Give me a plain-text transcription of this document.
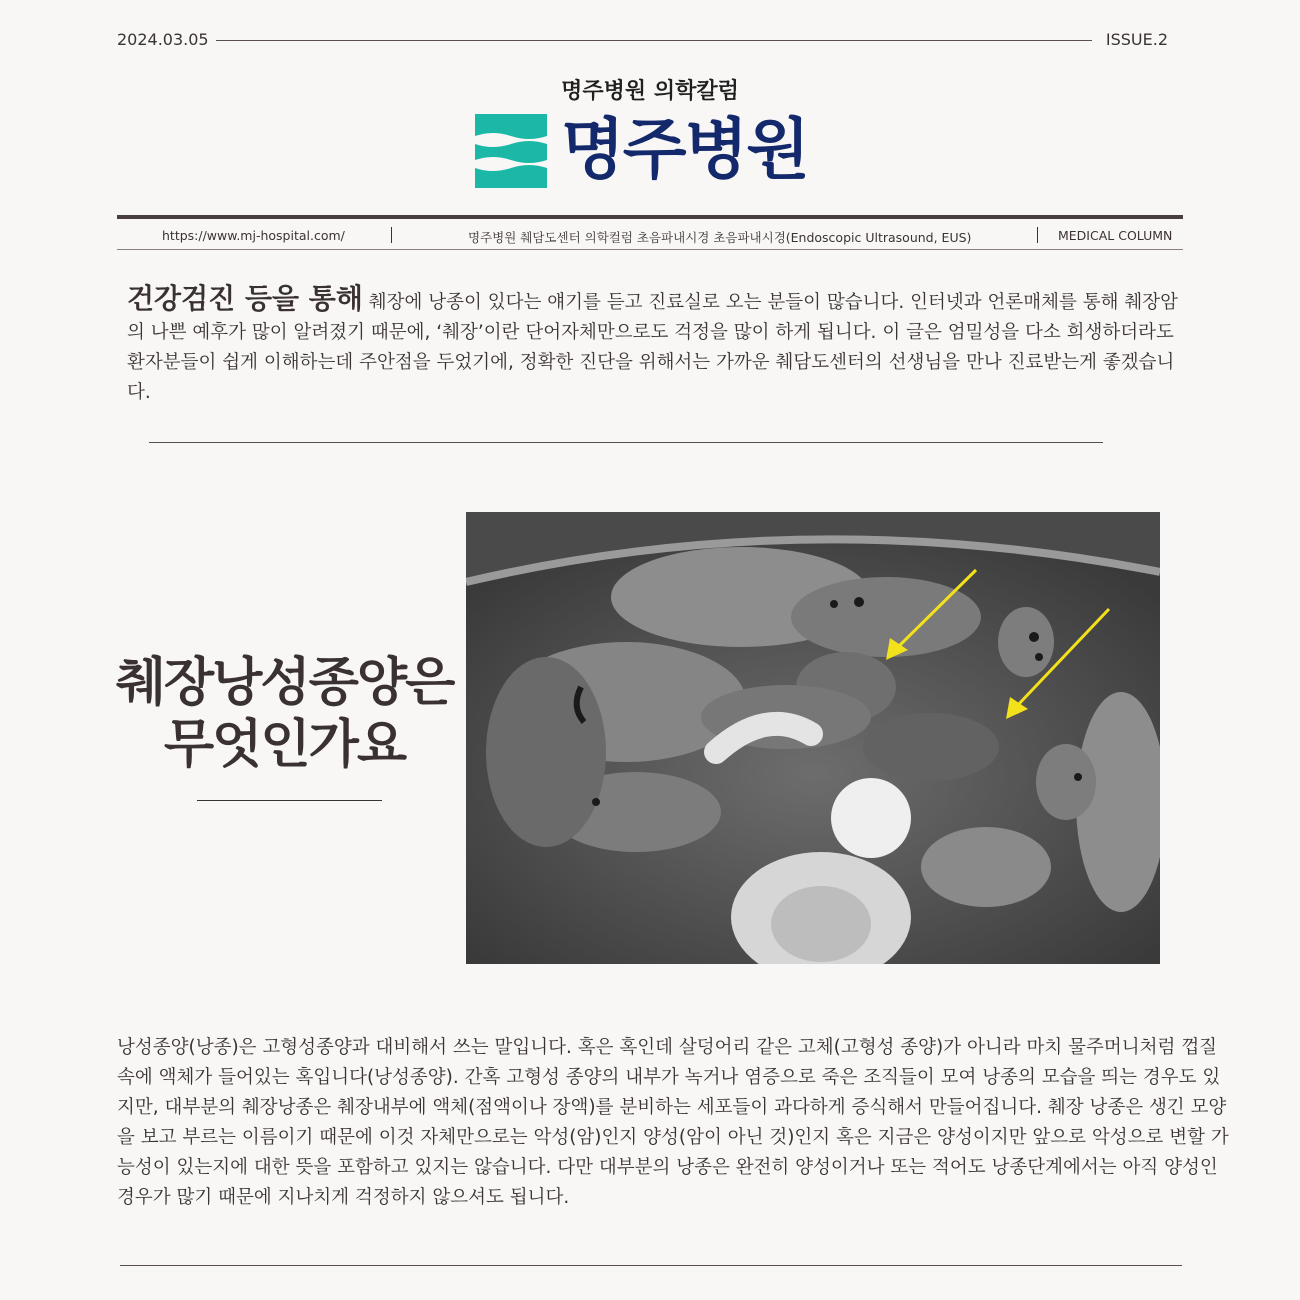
2024.03.05	ISSUE.2
명주병원 의학칼럼
명주병원
https://www.mj-hospital.com/	명주병원 췌담도센터 의학컬럼 초음파내시경 초음파내시경(Endoscopic Ultrasound, EUS)	MEDICAL COLUMN
건강검진 등을 통해 췌장에 낭종이 있다는 얘기를 듣고 진료실로 오는 분들이 많습니다. 인터넷과 언론매체를 통해 췌장암의 나쁜 예후가 많이 알려졌기 때문에, ‘췌장’이란 단어자체만으로도 걱정을 많이 하게 됩니다. 이 글은 엄밀성을 다소 희생하더라도 환자분들이 쉽게 이해하는데 주안점을 두었기에, 정확한 진단을 위해서는 가까운 췌담도센터의 선생님을 만나 진료받는게 좋겠습니다.
췌장낭성종양은
무엇인가요
낭성종양(낭종)은 고형성종양과 대비해서 쓰는 말입니다. 혹은 혹인데 살덩어리 같은 고체(고형성 종양)가 아니라 마치 물주머니처럼 껍질 속에 액체가 들어있는 혹입니다(낭성종양). 간혹 고형성 종양의 내부가 녹거나 염증으로 죽은 조직들이 모여 낭종의 모습을 띄는 경우도 있지만, 대부분의 췌장낭종은 췌장내부에 액체(점액이나 장액)를 분비하는 세포들이 과다하게 증식해서 만들어집니다. 췌장 낭종은 생긴 모양을 보고 부르는 이름이기 때문에 이것 자체만으로는 악성(암)인지 양성(암이 아닌 것)인지 혹은 지금은 양성이지만 앞으로 악성으로 변할 가능성이 있는지에 대한 뜻을 포함하고 있지는 않습니다. 다만 대부분의 낭종은 완전히 양성이거나 또는 적어도 낭종단계에서는 아직 양성인 경우가 많기 때문에 지나치게 걱정하지 않으셔도 됩니다.
